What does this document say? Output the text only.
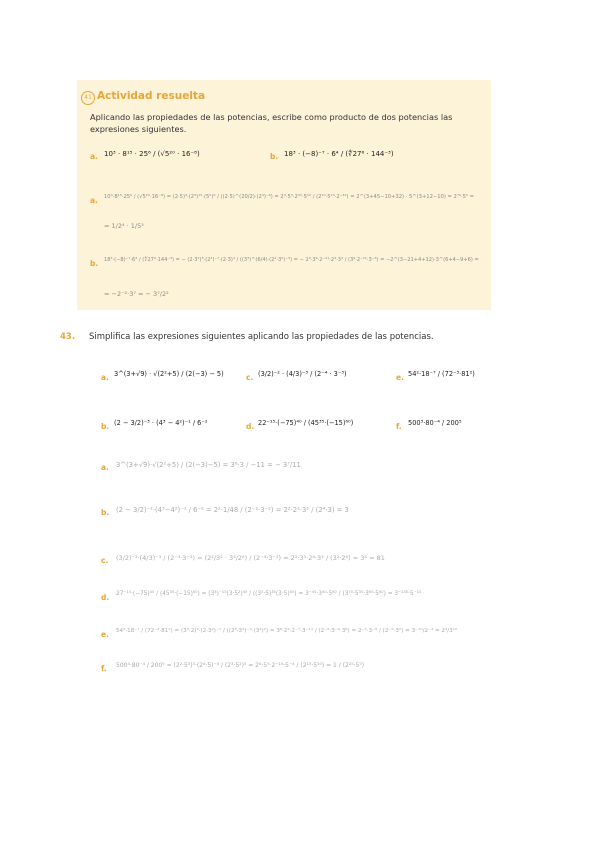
41 Actividad resuelta
Aplicando las propiedades de las potencias, escribe como producto de dos potencias las expresiones siguientes.
a. 10³ · 8¹⁵ · 25⁶ / (√5²⁰ · 16⁻⁸)	b. 18³ · (−8)⁻⁷ · 6⁴ / (∜27⁶ · 144⁻³)
a. 10³·8¹⁵·25⁶ / (√5²⁰·16⁻⁸) = (2·5)³·(2³)¹⁵·(5²)⁶ / ((2·5)^(20/2)·(2⁴)⁻⁸) = 2³·5³·2⁴⁵·5¹² / (2¹⁰·5¹⁰·2⁻³²) = 2^(3+45−10+32) · 5^(3+12−10) = 2⁷⁰·5⁵ =
= 1/2⁴ · 1/5⁵
b. 18³·(−8)⁻⁷·6⁴ / (∜27⁶·144⁻³) = − (2·3²)³·(2³)⁻⁷·(2·3)⁴ / ((3³)^(6/4)·(2⁴·3²)⁻³) = − 2³·3⁶·2⁻²¹·2⁴·3⁴ / (3⁹·2⁻¹²·3⁻⁶) = −2^(3−21+4+12)·3^(6+4−9+6) =
= −2⁻²·3⁷ = − 3⁷/2²
43. Simplifica las expresiones siguientes aplicando las propiedades de las potencias.
a. 3^(3+√9) · √(2²+5) / (2(−3) − 5)	c. (3/2)⁻² · (4/3)⁻³ / (2⁻⁴ · 3⁻³)	e. 54²·18⁻⁷ / (72⁻³·81²)
b. (2 − 3/2)⁻³ · (4³ − 4²)⁻¹ / 6⁻²	d. 22⁻¹⁵·(−75)⁴⁰ / (45³⁵·(−15)⁶⁰)	f. 500³·80⁻⁴ / 200⁵
a. 3^(3+√9)·√(2²+5) / (2(−3)−5) = 3⁶·3 / −11 = − 3⁷/11
b. (2 − 3/2)⁻²·(4³−4²)⁻¹ / 6⁻² = 2²·1/48 / (2⁻²·3⁻²) = 2²·2²·3² / (2⁴·3) = 3
c. (3/2)⁻²·(4/3)⁻³ / (2⁻⁴·3⁻³) = (2²/3² · 3³/2⁶) / (2⁻⁴·3⁻³) = 2²·3³·2⁴·3³ / (3²·2⁶) = 3⁴ = 81
d. 27⁻¹⁵·(−75)⁴⁰ / (45³⁵·(−15)⁶⁰) = (3³)⁻¹⁵(3·5²)⁴⁰ / ((3²·5)³⁵(3·5)⁶⁰) = 3⁻⁴⁵·3⁴⁰·5⁸⁰ / (3⁷⁰·5³⁵·3⁶⁰·5⁶⁰) = 3⁻¹³⁵·5⁻¹⁵
e. 54²·18⁻⁷ / (72⁻³·81²) = (3³·2)²·(2·3²)⁻⁷ / ((2³·3²)⁻³·(3⁴)²) = 3⁶·2²·2⁻⁷·3⁻¹⁴ / (2⁻⁹·3⁻⁶·3⁸) = 2⁻⁵·3⁻⁸ / (2⁻⁹·3²) = 3⁻¹⁰/2⁻⁴ = 2⁴/3¹⁰
f. 500³·80⁻⁴ / 200⁵ = (2²·5³)³·(2⁴·5)⁻⁴ / (2³·5²)⁵ = 2⁶·5⁹·2⁻¹⁶·5⁻⁴ / (2¹⁵·5¹⁰) = 1 / (2²⁵·5⁵)
